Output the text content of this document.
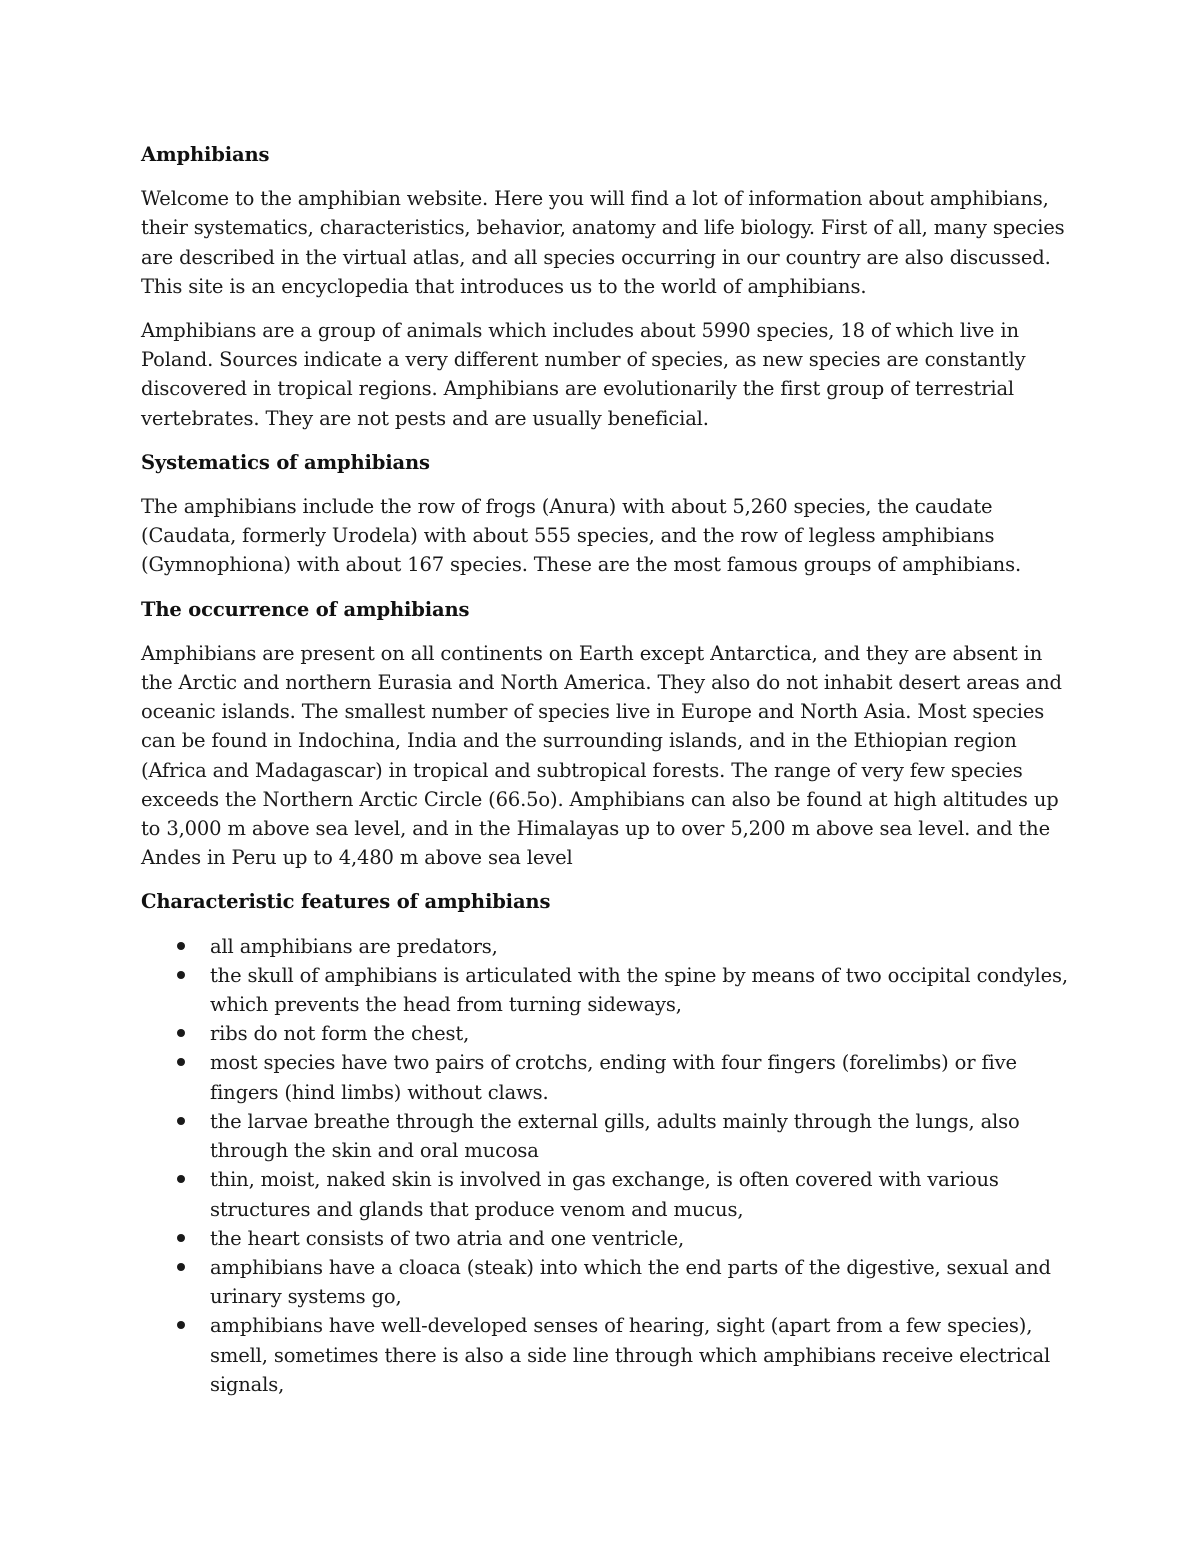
Amphibians

Welcome to the amphibian website. Here you will find a lot of information about amphibians, their systematics, characteristics, behavior, anatomy and life biology. First of all, many species are described in the virtual atlas, and all species occurring in our country are also discussed. This site is an encyclopedia that introduces us to the world of amphibians.

Amphibians are a group of animals which includes about 5990 species, 18 of which live in Poland. Sources indicate a very different number of species, as new species are constantly discovered in tropical regions. Amphibians are evolutionarily the first group of terrestrial vertebrates. They are not pests and are usually beneficial.

Systematics of amphibians

The amphibians include the row of frogs (Anura) with about 5,260 species, the caudate (Caudata, formerly Urodela) with about 555 species, and the row of legless amphibians (Gymnophiona) with about 167 species. These are the most famous groups of amphibians.

The occurrence of amphibians

Amphibians are present on all continents on Earth except Antarctica, and they are absent in the Arctic and northern Eurasia and North America. They also do not inhabit desert areas and oceanic islands. The smallest number of species live in Europe and North Asia. Most species can be found in Indochina, India and the surrounding islands, and in the Ethiopian region (Africa and Madagascar) in tropical and subtropical forests. The range of very few species exceeds the Northern Arctic Circle (66.5o). Amphibians can also be found at high altitudes up to 3,000 m above sea level, and in the Himalayas up to over 5,200 m above sea level. and the Andes in Peru up to 4,480 m above sea level

Characteristic features of amphibians
all amphibians are predators,
the skull of amphibians is articulated with the spine by means of two occipital condyles, which prevents the head from turning sideways,
ribs do not form the chest,
most species have two pairs of crotchs, ending with four fingers (forelimbs) or five fingers (hind limbs) without claws.
the larvae breathe through the external gills, adults mainly through the lungs, also through the skin and oral mucosa
thin, moist, naked skin is involved in gas exchange, is often covered with various structures and glands that produce venom and mucus,
the heart consists of two atria and one ventricle,
amphibians have a cloaca (steak) into which the end parts of the digestive, sexual and urinary systems go,
amphibians have well-developed senses of hearing, sight (apart from a few species), smell, sometimes there is also a side line through which amphibians receive electrical signals,
